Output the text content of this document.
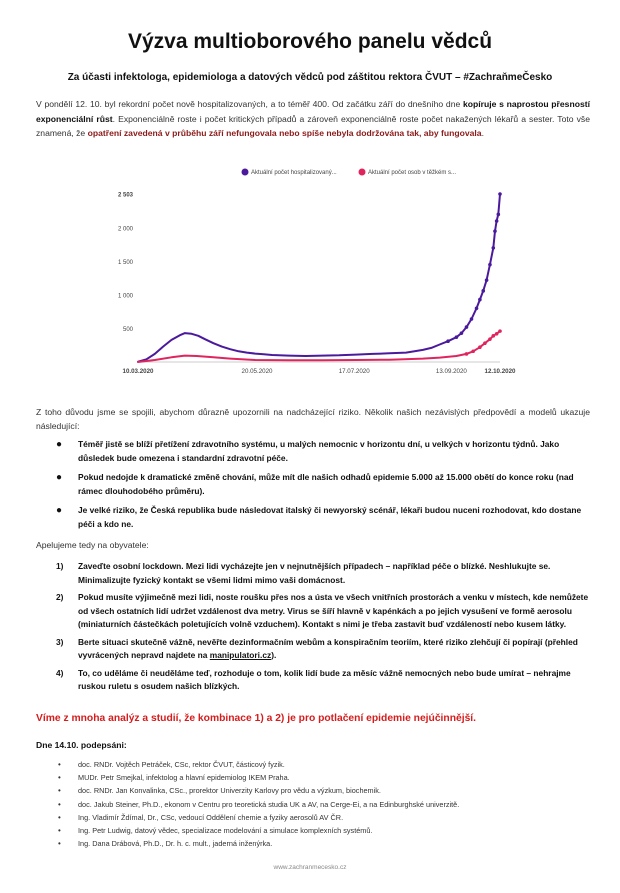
Výzva multioborového panelu vědců
Za účasti infektologa, epidemiologa a datových vědců pod záštitou rektora ČVUT – #ZachraňmeČesko
V pondělí 12. 10. byl rekordní počet nově hospitalizovaných, a to téměř 400. Od začátku září do dnešního dne kopíruje s naprostou přesností exponenciální růst. Exponenciálně roste i počet kritických případů a zároveň exponenciálně roste počet nakažených lékařů a sester. Toto vše znamená, že opatření zavedená v průběhu září nefungovala nebo spíše nebyla dodržována tak, aby fungovala.
2 503
2 000
1 500
1 000
500
10.03.2020	20.05.2020	17.07.2020	13.09.2020	12.10.2020
Aktuální počet hospitalizovaný...	Aktuální počet osob v těžkém s...
Z toho důvodu jsme se spojili, abychom důrazně upozornili na nadcházející riziko. Několik našich nezávislých předpovědí a modelů ukazuje následující:
● Téměř jistě se blíží přetížení zdravotního systému, u malých nemocnic v horizontu dní, u velkých v horizontu týdnů. Jako důsledek bude omezena i standardní zdravotní péče.
● Pokud nedojde k dramatické změně chování, může mít dle našich odhadů epidemie 5.000 až 15.000 obětí do konce roku (nad rámec dlouhodobého průměru).
● Je velké riziko, že Česká republika bude následovat italský či newyorský scénář, lékaři budou nuceni rozhodovat, kdo dostane péči a kdo ne.
Apelujeme tedy na obyvatele:
1) Zaveďte osobní lockdown. Mezi lidi vycházejte jen v nejnutnějších případech – například péče o blízké. Neshlukujte se. Minimalizujte fyzický kontakt se všemi lidmi mimo vaši domácnost.
2) Pokud musíte výjimečně mezi lidi, noste roušku přes nos a ústa ve všech vnitřních prostorách a venku v místech, kde nemůžete od všech ostatních lidí udržet vzdálenost dva metry. Virus se šíří hlavně v kapénkách a po jejich vysušení ve formě aerosolu (miniaturních částečkách poletujících volně vzduchem). Kontakt s nimi je třeba zastavit buď vzdáleností nebo kusem látky.
3) Berte situaci skutečně vážně, nevěřte dezinformačním webům a konspiračním teoriím, které riziko zlehčují či popírají (přehled vyvrácených nepravd najdete na manipulatori.cz).
4) To, co uděláme či neuděláme teď, rozhoduje o tom, kolik lidí bude za měsíc vážně nemocných nebo bude umírat – nehrajme ruskou ruletu s osudem našich blízkých.
Víme z mnoha analýz a studií, že kombinace 1) a 2) je pro potlačení epidemie nejúčinnější.
Dne 14.10. podepsáni:
• doc. RNDr. Vojtěch Petráček, CSc, rektor ČVUT, částicový fyzik.
• MUDr. Petr Smejkal, infektolog a hlavní epidemiolog IKEM Praha.
• doc. RNDr. Jan Konvalinka, CSc., prorektor Univerzity Karlovy pro vědu a výzkum, biochemik.
• doc. Jakub Steiner, Ph.D., ekonom v Centru pro teoretická studia UK a AV, na Cerge-Ei, a na Edinburghské univerzitě.
• Ing. Vladimír Ždímal, Dr., CSc, vedoucí Oddělení chemie a fyziky aerosolů AV ČR.
• Ing. Petr Ludwig, datový vědec, specializace modelování a simulace komplexních systémů.
• Ing. Dana Drábová, Ph.D., Dr. h. c. mult., jaderná inženýrka.
www.zachranmecesko.cz
